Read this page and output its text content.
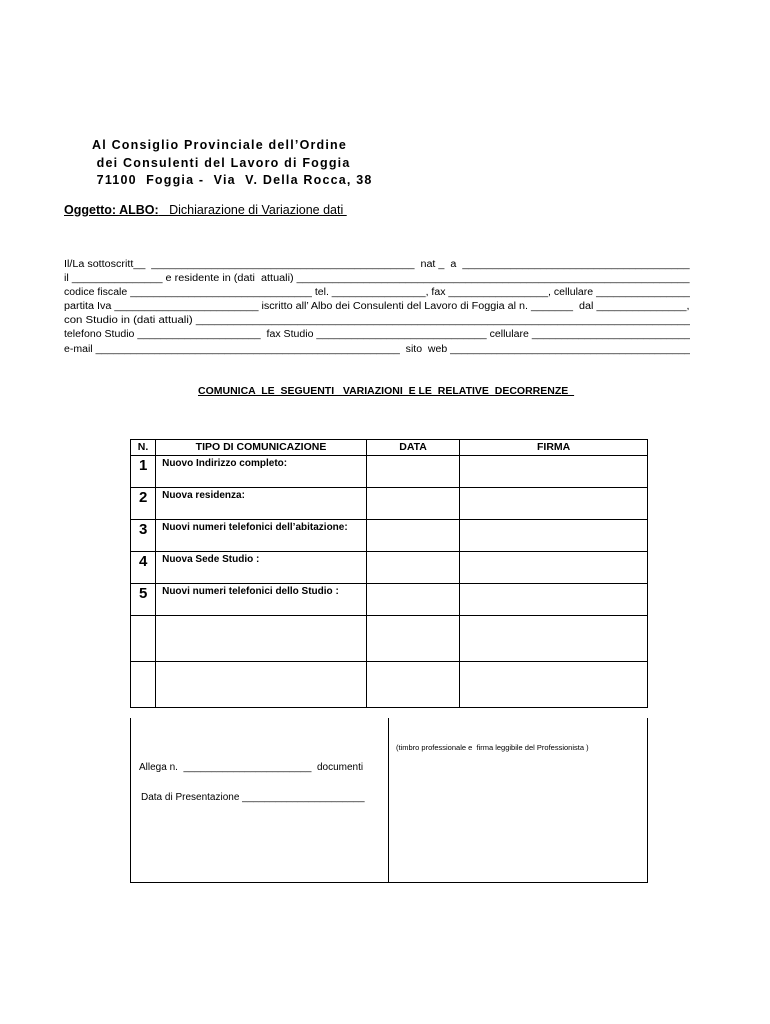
Al Consiglio Provinciale dell’Ordine
dei Consulenti del Lavoro di Foggia
71100  Foggia -  Via  V. Della Rocca, 38
Oggetto: ALBO:   Dichiarazione di Variazione dati
Il/La sottoscritt__  ____________________________________________  nat _  a  ______________________________________
il _______________ e residente in (dati  attuali) _________________________________________________________________
codice fiscale _______________________________ tel. ________________, fax _________________, cellulare ________________
partita Iva ________________________ iscritto all’ Albo dei Consulenti del Lavoro di Foggia al n. _______  dal _______________,
con Studio in (dati attuali) ______________________________________________________________________________
telefono Studio _____________________  fax Studio _____________________________ cellulare ___________________________
e-mail ____________________________________________________  sito  web _________________________________________
COMUNICA  LE  SEGUENTI   VARIAZIONI  E LE  RELATIVE  DECORRENZE
N.	TIPO DI COMUNICAZIONE	DATA	FIRMA
1	Nuovo Indirizzo completo:		
2	Nuova residenza:		
3	Nuovi numeri telefonici dell’abitazione:		
4	Nuova Sede Studio :		
5	Nuovi numeri telefonici dello Studio :		

Allega n.  _______________________  documenti
Data di Presentazione ______________________
(timbro professionale e  firma leggibile del Professionista )
